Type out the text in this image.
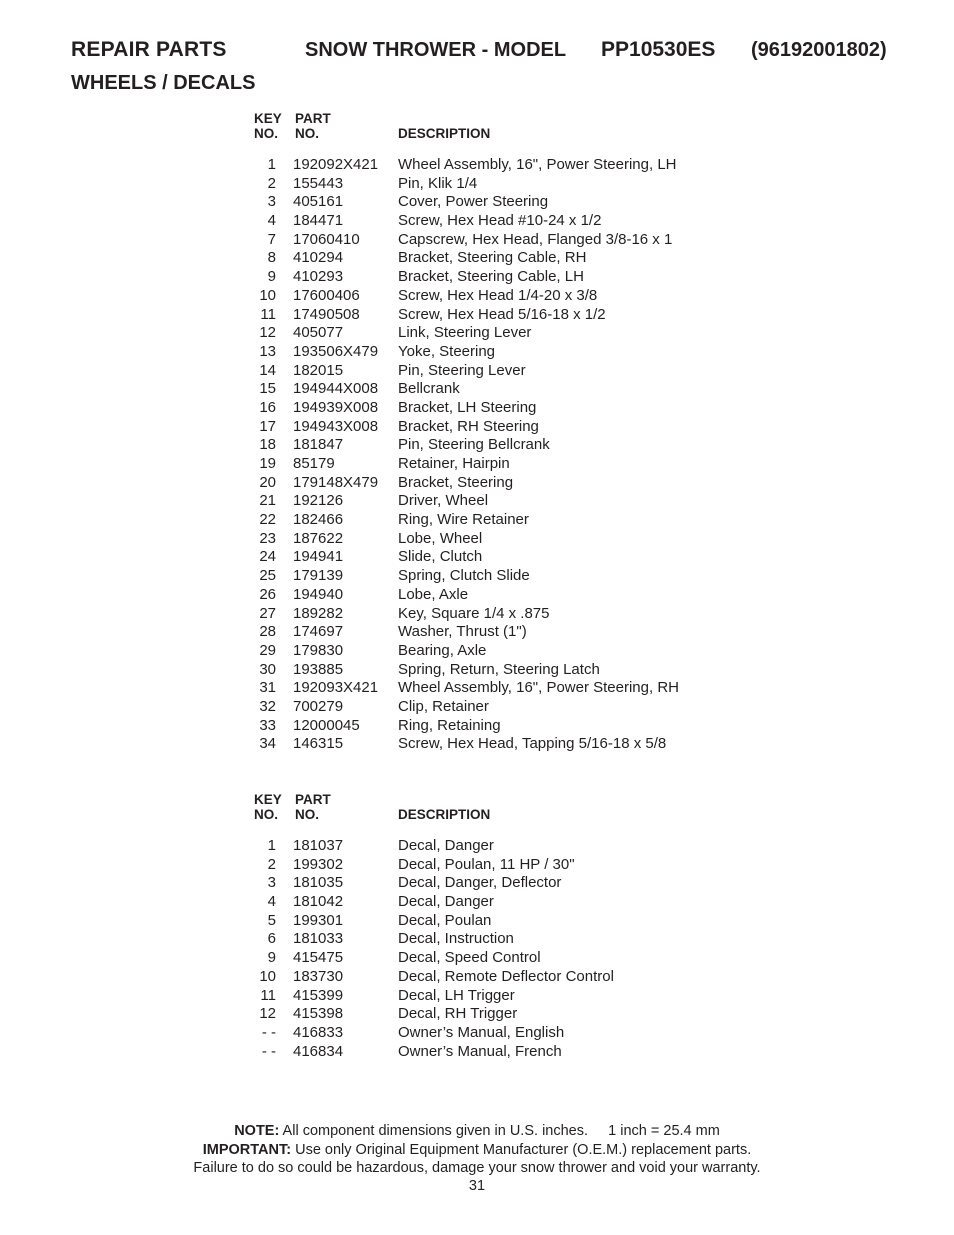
REPAIR PARTS	SNOW THROWER - MODEL PP10530ES (96192001802)
WHEELS / DECALS
KEY
NO.
PART
NO.	DESCRIPTION
1 192092X421 Wheel Assembly, 16", Power Steering, LH
2 155443	Pin, Klik 1/4
3 405161	Cover, Power Steering
4 184471	Screw, Hex Head #10-24 x 1/2
7 17060410	Capscrew, Hex Head, Flanged 3/8-16 x 1
8 410294	Bracket, Steering Cable, RH
9 410293	Bracket, Steering Cable, LH
10 17600406	Screw, Hex Head 1/4-20 x 3/8
11 17490508	Screw, Hex Head 5/16-18 x 1/2
12 405077	Link, Steering Lever
13 193506X479 Yoke, Steering
14 182015	Pin, Steering Lever
15 194944X008 Bellcrank
16 194939X008 Bracket, LH Steering
17 194943X008 Bracket, RH Steering
18 181847	Pin, Steering Bellcrank
19 85179	Retainer, Hairpin
20 179148X479 Bracket, Steering
21 192126	Driver, Wheel
22 182466	Ring, Wire Retainer
23 187622	Lobe, Wheel
24 194941	Slide, Clutch
25 179139	Spring, Clutch Slide
26 194940	Lobe, Axle
27 189282	Key, Square 1/4 x .875
28 174697	Washer, Thrust (1")
29 179830	Bearing, Axle
30 193885	Spring, Return, Steering Latch
31 192093X421 Wheel Assembly, 16", Power Steering, RH
32 700279	Clip, Retainer
33 12000045	Ring, Retaining
34 146315	Screw, Hex Head, Tapping 5/16-18 x 5/8
KEY
NO.
PART
NO.	DESCRIPTION
1 181037	Decal, Danger
2 199302	Decal, Poulan, 11 HP / 30"
3 181035	Decal, Danger, Deflector
4 181042	Decal, Danger
5 199301	Decal, Poulan
6 181033	Decal, Instruction
9 415475	Decal, Speed Control
10 183730	Decal, Remote Deflector Control
11 415399	Decal, LH Trigger
12 415398	Decal, RH Trigger
- - 416833	Owner’s Manual, English
- - 416834	Owner’s Manual, French
NOTE: All component dimensions given in U.S. inches. 1 inch = 25.4 mm
IMPORTANT: Use only Original Equipment Manufacturer (O.E.M.) replacement parts.
Failure to do so could be hazardous, damage your snow thrower and void your warranty.
31
